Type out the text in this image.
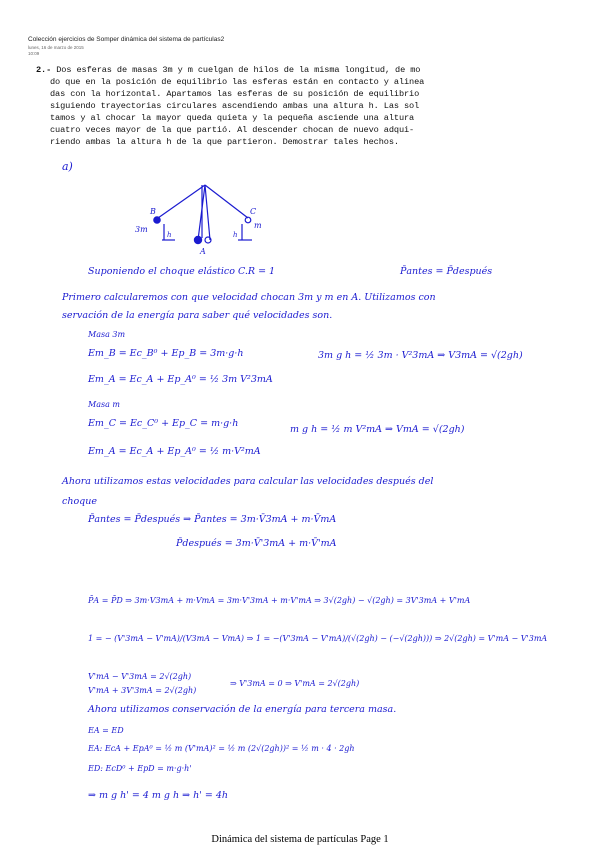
Colección ejercicios de Somper dinámica del sistema de partículas2
lunes, 16 de marzo de 2015
10:09
2.- Dos esferas de masas 3m y m cuelgan de hilos de la misma longitud, de mo
do que en la posición de equilibrio las esferas están en contacto y alinea
das con la horizontal. Apartamos las esferas de su posición de equilibrio
siguiendo trayectorias circulares ascendiendo ambas una altura h. Las sol
tamos y al chocar la mayor queda quieta y la pequeña asciende una altura
cuatro veces mayor de la que partió. Al descender chocan de nuevo adqui-
riendo ambas la altura h de la que partieron. Demostrar tales hechos.
a)
3m
B
m
C
A
h	h
Suponiendo el choque elástico C.R = 1	P̄antes = P̄después
Primero calcularemos con que velocidad chocan 3m y m en A. Utilizamos con
servación de la energía para saber qué velocidades son.
Masa 3m
Em_B = Ec_B⁰ + Ep_B = 3m·g·h	3m g h = ½ 3m · V²3mA ⇒ V3mA = √(2gh)
Em_A = Ec_A + Ep_A⁰ = ½ 3m V²3mA
Masa m
Em_C = Ec_C⁰ + Ep_C = m·g·h
m g h = ½ m V²mA ⇒ VmA = √(2gh)
Em_A = Ec_A + Ep_A⁰ = ½ m·V²mA
Ahora utilizamos estas velocidades para calcular las velocidades después del
choque
P̄antes = P̄después ⇒ P̄antes = 3m·V̄3mA + m·V̄mA
P̄después = 3m·V̄'3mA + m·V̄'mA
P̄A = P̄D ⇒ 3m·V3mA + m·VmA = 3m·V'3mA + m·V'mA ⇒ 3√(2gh) − √(2gh) = 3V'3mA + V'mA
1 = − (V'3mA − V'mA)/(V3mA − VmA) ⇒ 1 = −(V'3mA − V'mA)/(√(2gh) − (−√(2gh))) ⇒ 2√(2gh) = V'mA − V'3mA
V'mA − V'3mA = 2√(2gh)
V'mA + 3V'3mA = 2√(2gh)
⇒ V'3mA = 0 ⇒ V'mA = 2√(2gh)
Ahora utilizamos conservación de la energía para tercera masa.
EA = ED
EA: EcA + EpA⁰ = ½ m (V'mA)² = ½ m (2√(2gh))² = ½ m · 4 · 2gh
ED: EcD⁰ + EpD = m·g·h'
⇒ m g h' = 4 m g h ⇒ h' = 4h
Dinámica del sistema de partículas Page 1
